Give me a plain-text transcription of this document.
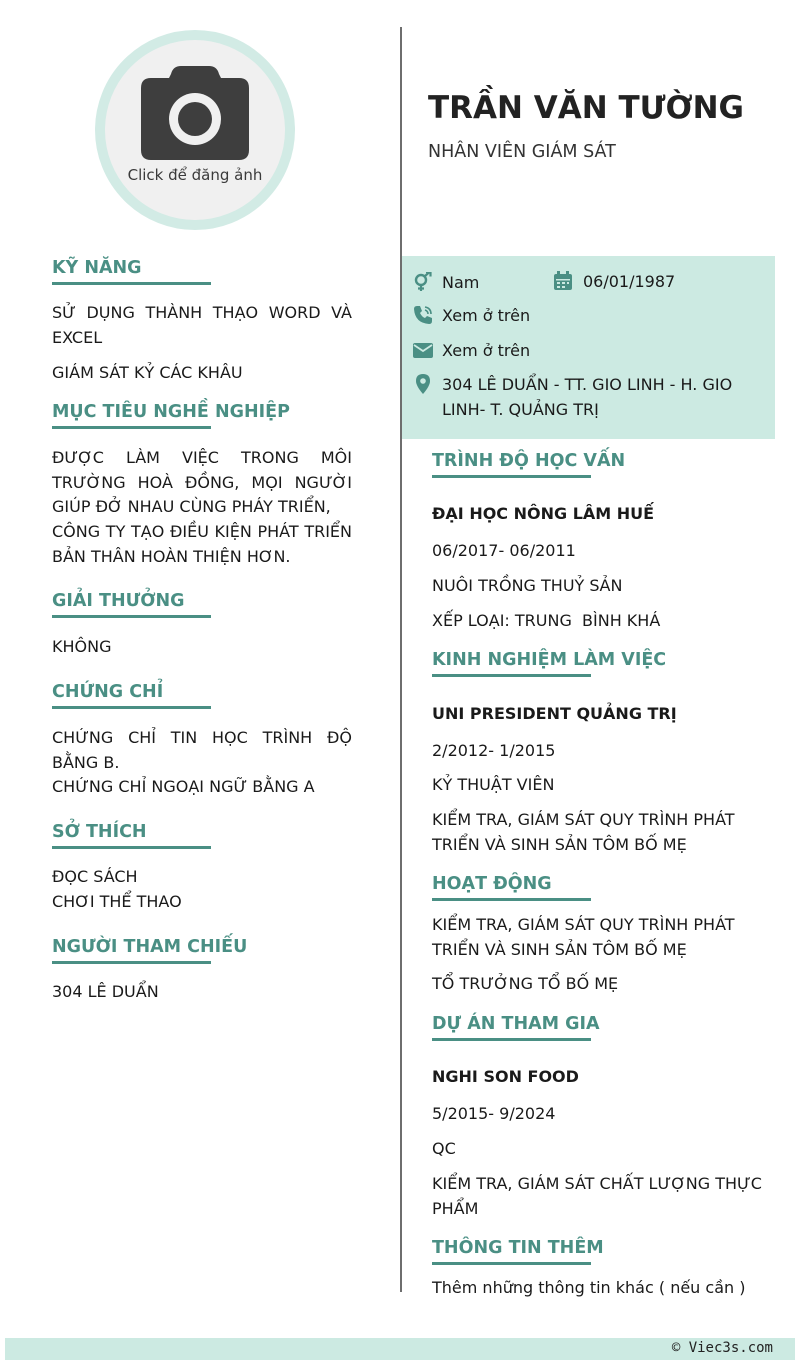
Click để đăng ảnh
TRẦN VĂN TƯỜNG
NHÂN VIÊN GIÁM SÁT
Nam	06/01/1987
Xem ở trên
Xem ở trên
304 LÊ DUẨN - TT. GIO LINH - H. GIO LINH- T. QUẢNG TRỊ
KỸ NĂNG
SỬ DỤNG THÀNH THẠO WORD VÀ EXCEL
GIÁM SÁT KỶ CÁC KHÂU
MỤC TIÊU NGHỀ NGHIỆP
ĐƯỢC LÀM VIỆC TRONG MÔI TRƯỜNG HOÀ ĐỒNG, MỌI NGƯỜI GIÚP ĐỞ NHAU CÙNG PHÁY TRIỂN,
CÔNG TY TẠO ĐIỀU KIỆN PHÁT TRIỂN BẢN THÂN HOÀN THIỆN HƠN.
GIẢI THƯỞNG
KHÔNG
CHỨNG CHỈ
CHỨNG CHỈ TIN HỌC TRÌNH ĐỘ BẰNG B.
CHỨNG CHỈ NGOẠI NGỮ BẰNG A
SỞ THÍCH
ĐỌC SÁCH
CHƠI THỂ THAO
NGƯỜI THAM CHIẾU
304 LÊ DUẨN
TRÌNH ĐỘ HỌC VẤN
ĐẠI HỌC NÔNG LÂM HUẾ
06/2017- 06/2011
NUÔI TRỒNG THUỶ SẢN
XẾP LOẠI: TRUNG  BÌNH KHÁ
KINH NGHIỆM LÀM VIỆC
UNI PRESIDENT QUẢNG TRỊ
2/2012- 1/2015
KỶ THUẬT VIÊN
KIỂM TRA, GIÁM SÁT QUY TRÌNH PHÁT TRIỂN VÀ SINH SẢN TÔM BỐ MẸ
HOẠT ĐỘNG
KIỂM TRA, GIÁM SÁT QUY TRÌNH PHÁT TRIỂN VÀ SINH SẢN TÔM BỐ MẸ
TỔ TRƯỞNG TỔ BỐ MẸ
DỰ ÁN THAM GIA
NGHI SON FOOD
5/2015- 9/2024
QC
KIỂM TRA, GIÁM SÁT CHẤT LƯỢNG THỰC PHẨM
THÔNG TIN THÊM
Thêm những thông tin khác ( nếu cần )
© Viec3s.com
